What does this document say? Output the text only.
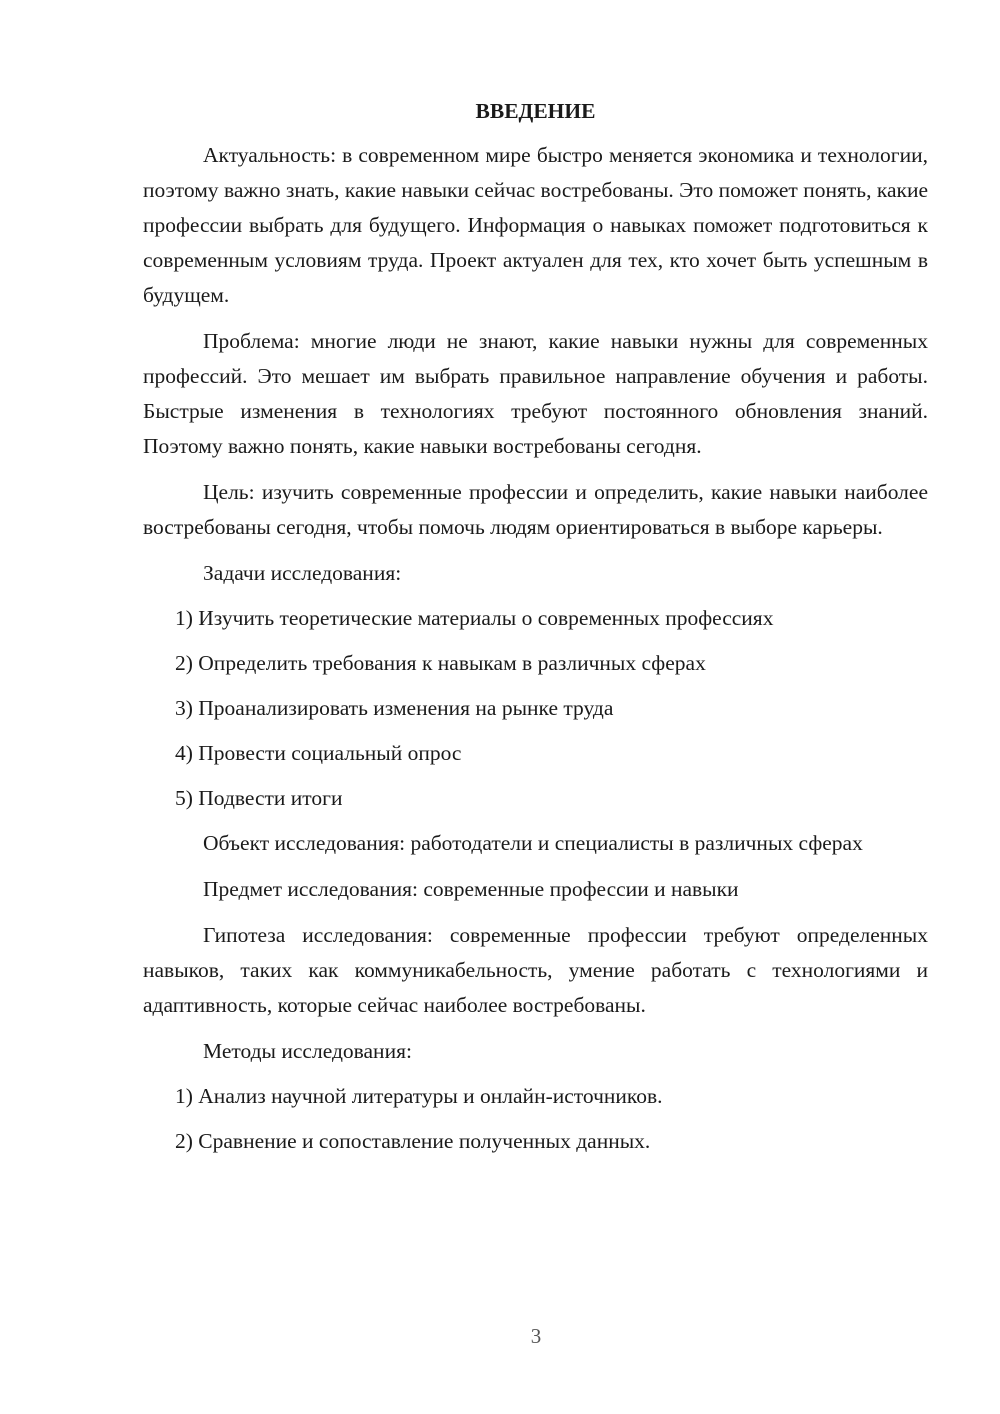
ВВЕДЕНИЕ

Актуальность: в современном мире быстро меняется экономика и технологии, поэтому важно знать, какие навыки сейчас востребованы. Это поможет понять, какие профессии выбрать для будущего. Информация о навыках поможет подготовиться к современным условиям труда. Проект актуален для тех, кто хочет быть успешным в будущем.

Проблема: многие люди не знают, какие навыки нужны для современных профессий. Это мешает им выбрать правильное направление обучения и работы. Быстрые изменения в технологиях требуют постоянного обновления знаний. Поэтому важно понять, какие навыки востребованы сегодня.

Цель: изучить современные профессии и определить, какие навыки наиболее востребованы сегодня, чтобы помочь людям ориентироваться в выборе карьеры.

Задачи исследования:

1) Изучить теоретические материалы о современных профессиях

2) Определить требования к навыкам в различных сферах

3) Проанализировать изменения на рынке труда

4) Провести социальный опрос

5) Подвести итоги

Объект исследования: работодатели и специалисты в различных сферах

Предмет исследования: современные профессии и навыки

Гипотеза исследования: современные профессии требуют определенных навыков, таких как коммуникабельность, умение работать с технологиями и адаптивность, которые сейчас наиболее востребованы.

Методы исследования:

1) Анализ научной литературы и онлайн-источников.

2) Сравнение и сопоставление полученных данных.

3
